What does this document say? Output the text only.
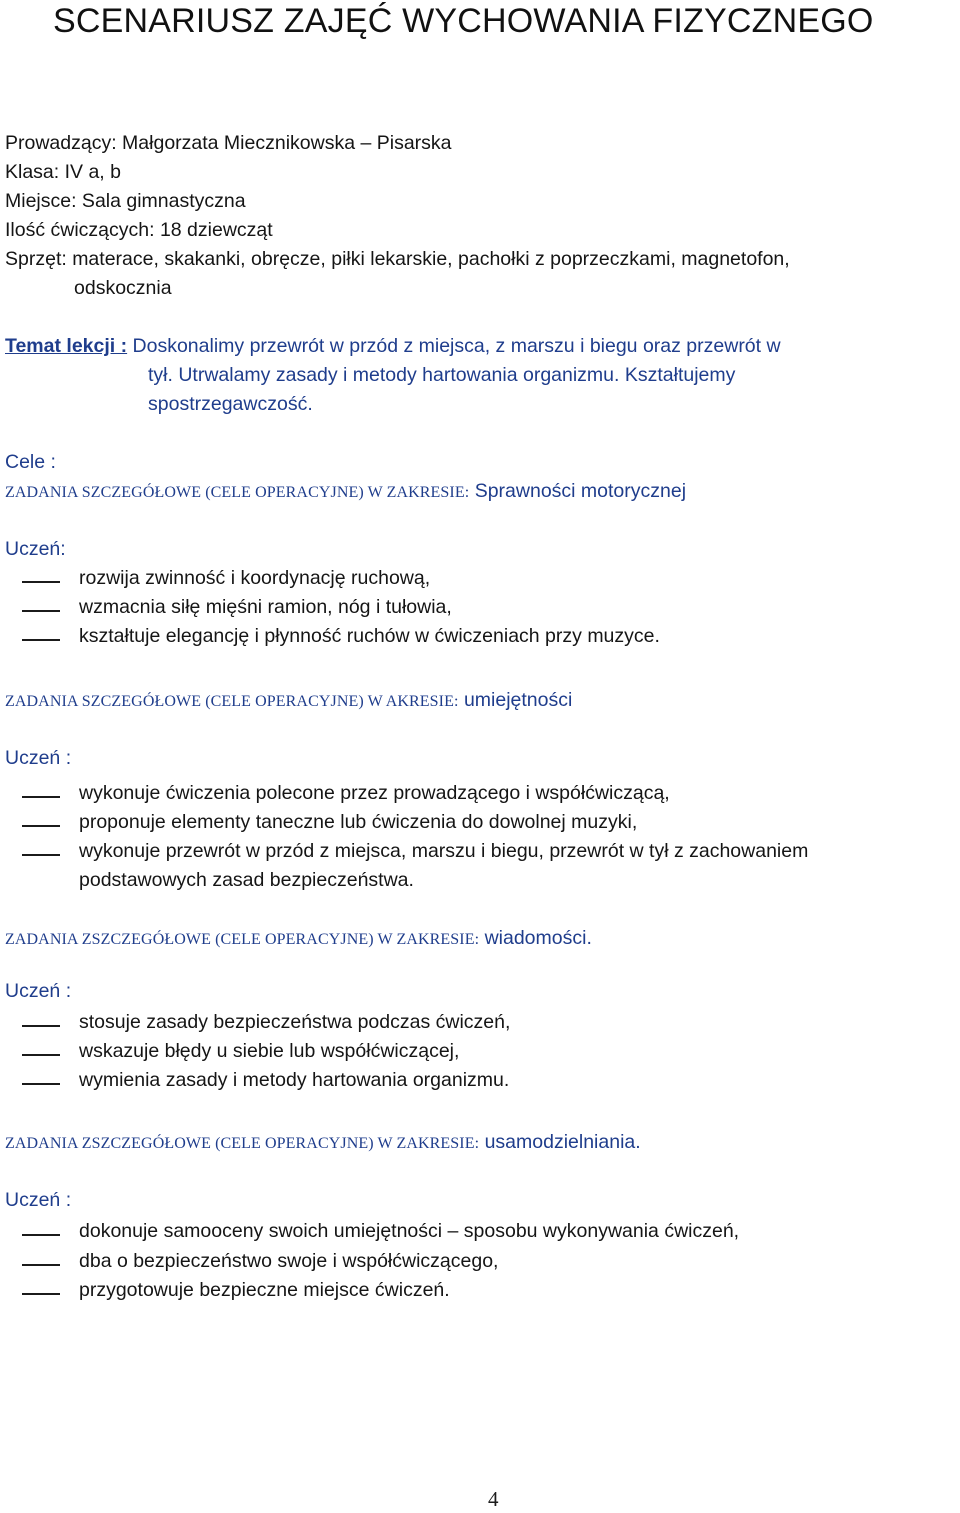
SCENARIUSZ ZAJĘĆ WYCHOWANIA FIZYCZNEGO
Prowadzący: Małgorzata Miecznikowska – Pisarska
Klasa: IV a, b
Miejsce: Sala gimnastyczna
Ilość ćwiczących: 18 dziewcząt
Sprzęt: materace, skakanki, obręcze, piłki lekarskie, pachołki z poprzeczkami, magnetofon,
odskocznia
Temat lekcji : Doskonalimy przewrót w przód z miejsca, z marszu i biegu oraz przewrót w
tył. Utrwalamy zasady i metody hartowania organizmu. Kształtujemy
spostrzegawczość.
Cele :
ZADANIA SZCZEGÓŁOWE (CELE OPERACYJNE) W ZAKRESIE: Sprawności motorycznej
Uczeń:
rozwija zwinność i koordynację ruchową,
wzmacnia siłę mięśni ramion, nóg i tułowia,
kształtuje elegancję i płynność ruchów w ćwiczeniach przy muzyce.
ZADANIA SZCZEGÓŁOWE (CELE OPERACYJNE) W AKRESIE: umiejętności
Uczeń :
wykonuje ćwiczenia polecone przez prowadzącego i współćwiczącą,
proponuje elementy taneczne lub ćwiczenia do dowolnej muzyki,
wykonuje przewrót w przód z miejsca, marszu i biegu, przewrót w tył z zachowaniem
podstawowych zasad bezpieczeństwa.
ZADANIA ZSZCZEGÓŁOWE (CELE OPERACYJNE) W ZAKRESIE: wiadomości.
Uczeń :
stosuje zasady bezpieczeństwa podczas ćwiczeń,
wskazuje błędy u siebie lub współćwiczącej,
wymienia zasady i metody hartowania organizmu.
ZADANIA ZSZCZEGÓŁOWE (CELE OPERACYJNE) W ZAKRESIE: usamodzielniania.
Uczeń :
dokonuje samooceny swoich umiejętności – sposobu wykonywania ćwiczeń,
dba o bezpieczeństwo swoje i współćwiczącego,
przygotowuje bezpieczne miejsce ćwiczeń.
4
